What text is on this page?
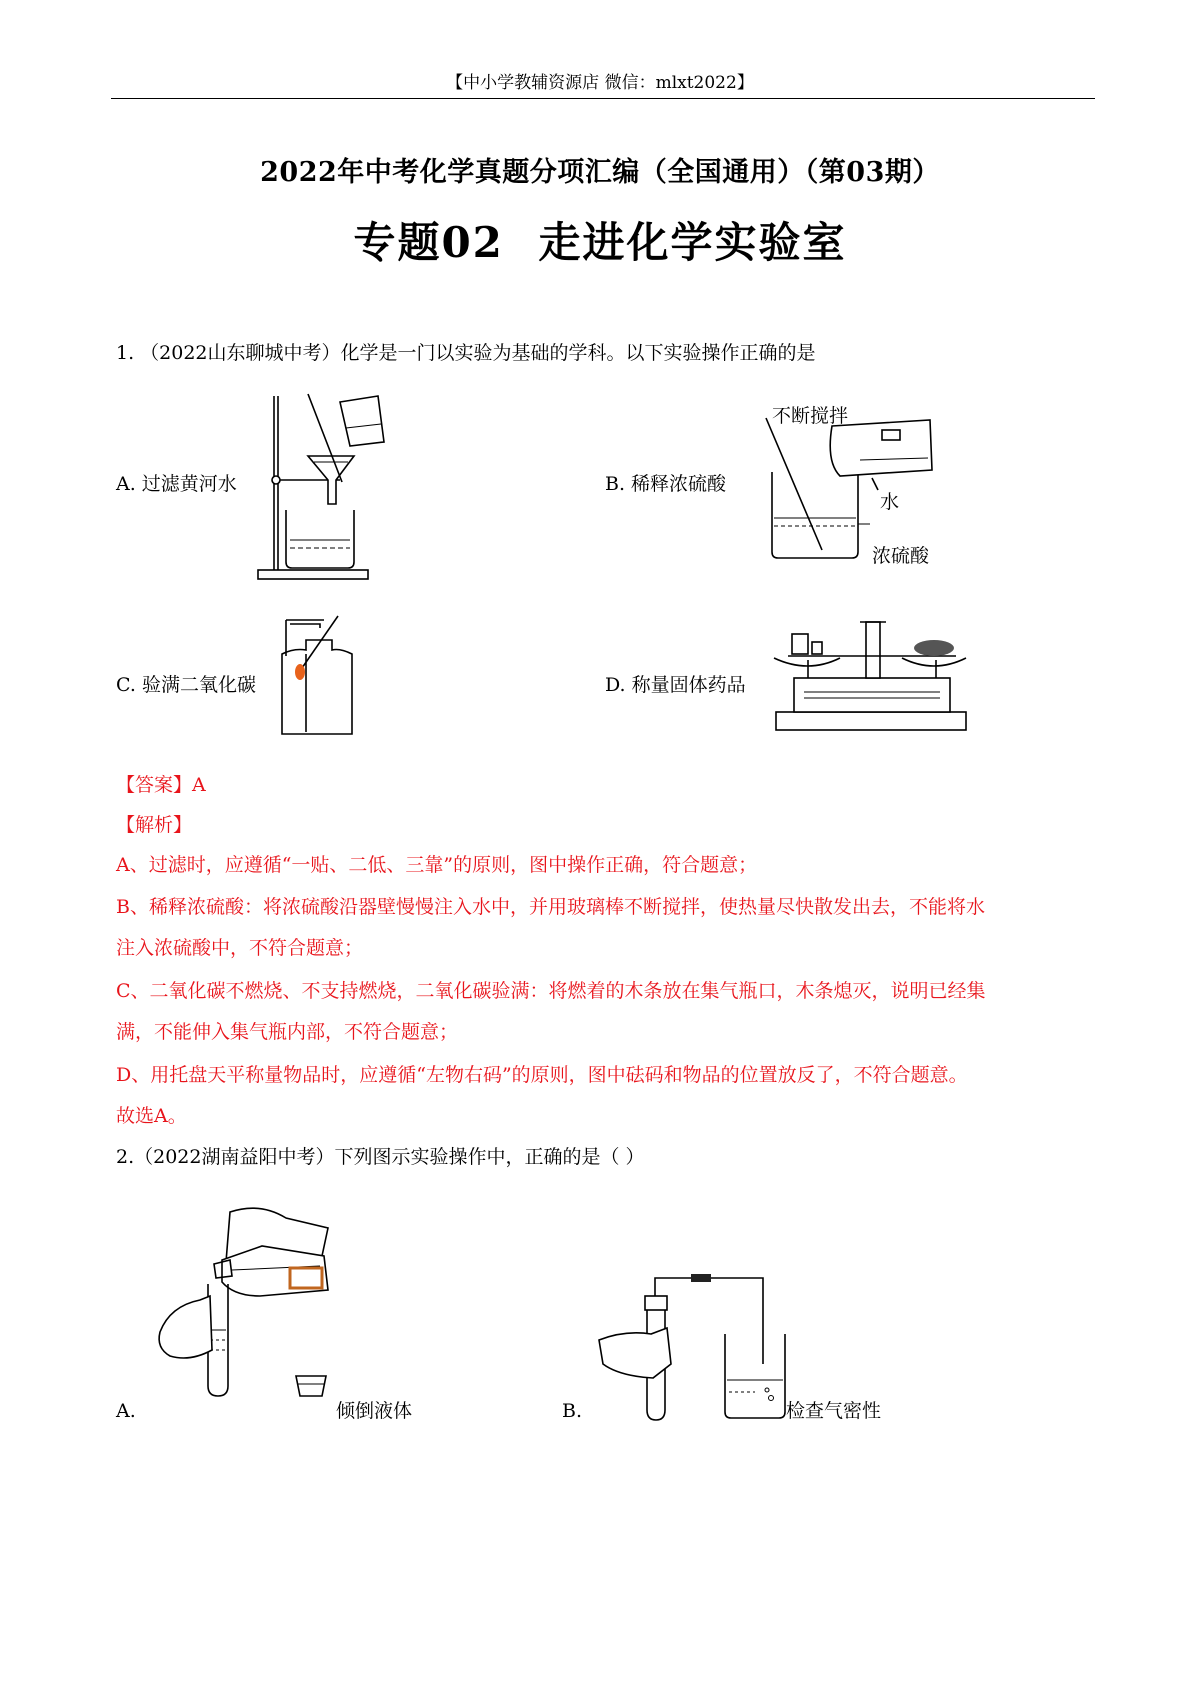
【中小学教辅资源店 微信：mlxt2022】
2022年中考化学真题分项汇编（全国通用）（第03期）
专题02 走进化学实验室
1. （2022山东聊城中考）化学是一门以实验为基础的学科。以下实验操作正确的是
A. 过滤黄河水	B. 稀释浓硫酸
C. 验满二氧化碳	D. 称量固体药品
不断搅拌
水
浓硫酸
【答案】A
【解析】
A、过滤时，应遵循“一贴、二低、三靠”的原则，图中操作正确，符合题意；
B、稀释浓硫酸：将浓硫酸沿器壁慢慢注入水中，并用玻璃棒不断搅拌，使热量尽快散发出去，不能将水
注入浓硫酸中，不符合题意；
C、二氧化碳不燃烧、不支持燃烧，二氧化碳验满：将燃着的木条放在集气瓶口，木条熄灭，说明已经集
满，不能伸入集气瓶内部，不符合题意；
D、用托盘天平称量物品时，应遵循“左物右码”的原则，图中砝码和物品的位置放反了，不符合题意。
故选A。
2.（2022湖南益阳中考）下列图示实验操作中，正确的是（ ）
A.	倾倒液体	B.	检查气密性
